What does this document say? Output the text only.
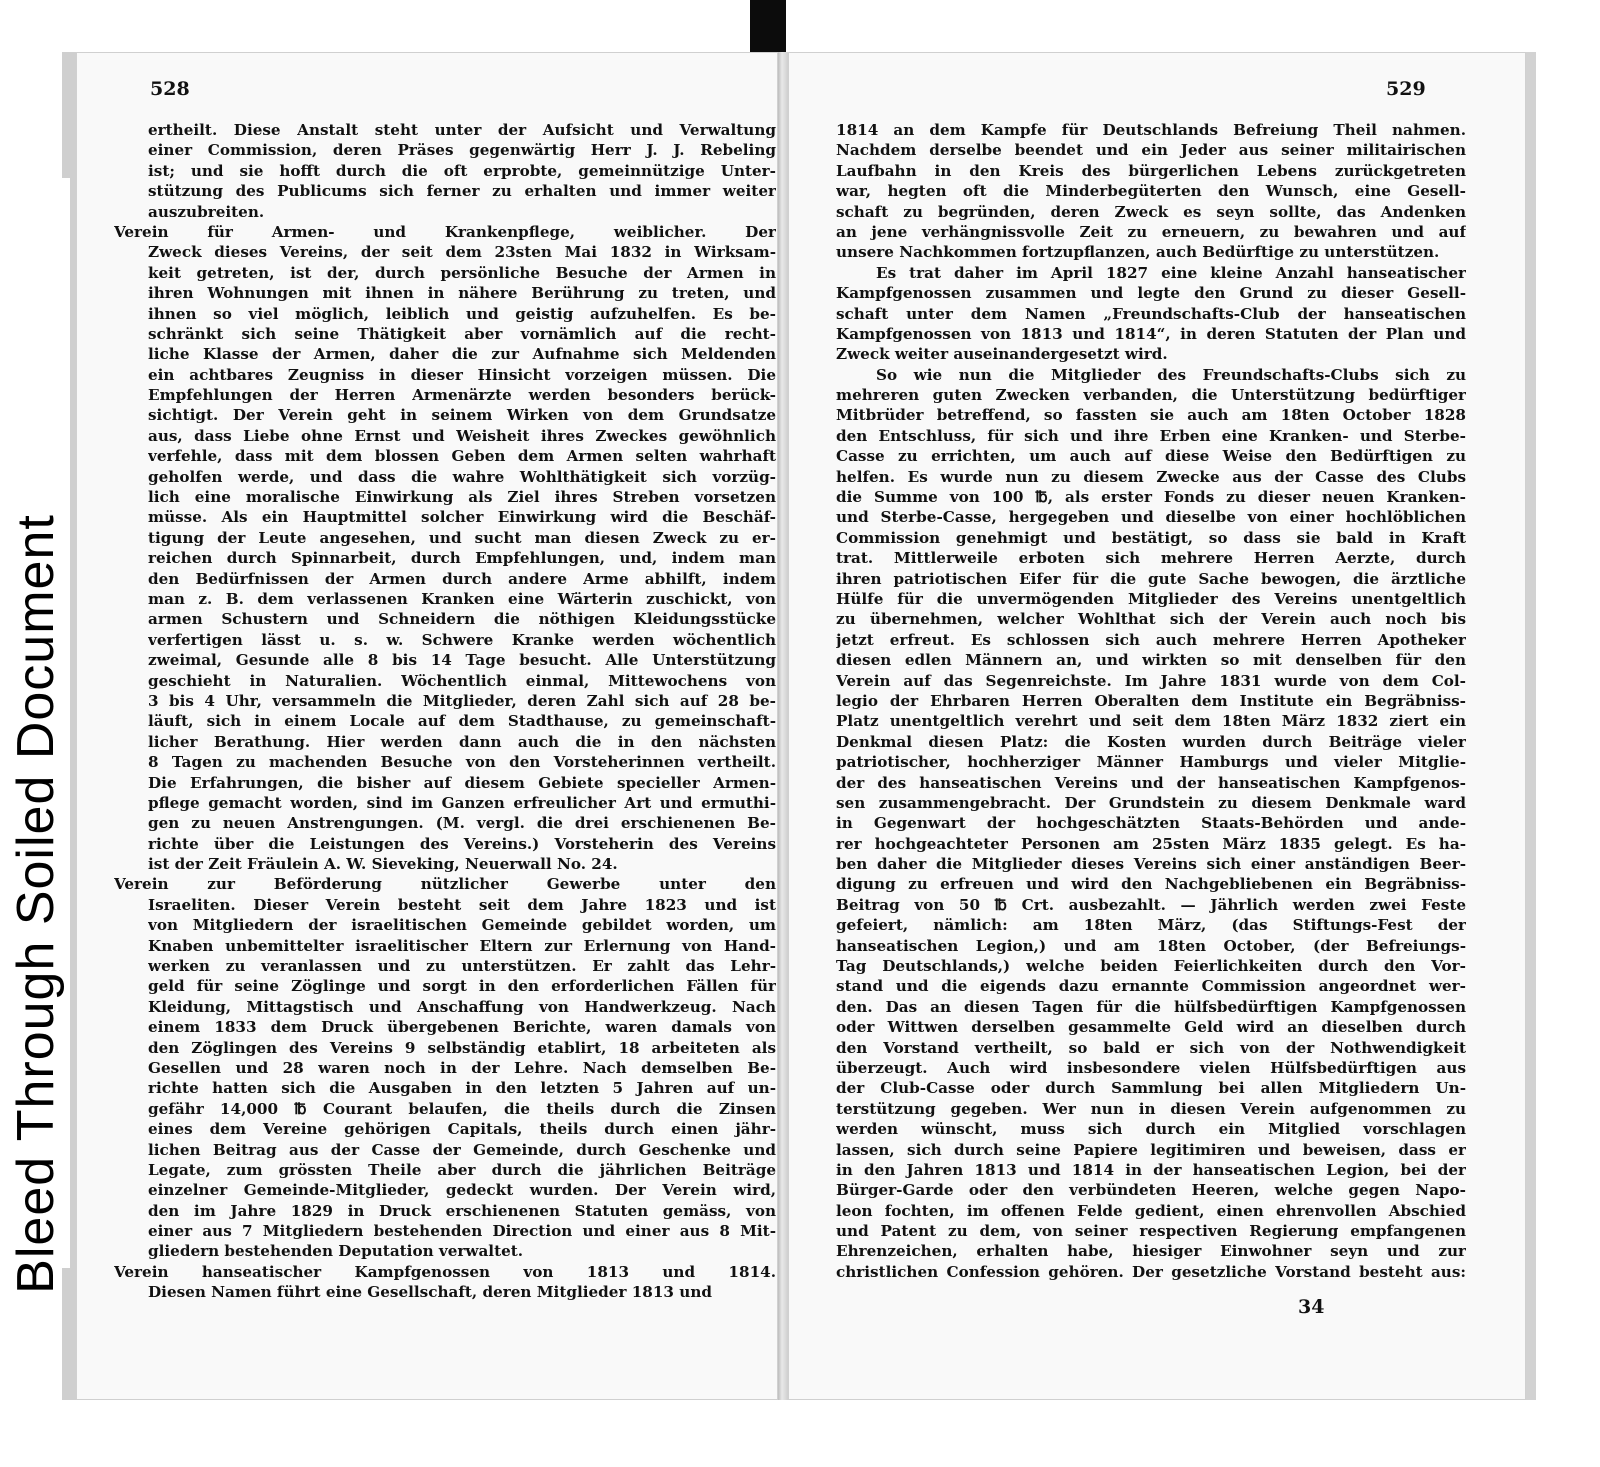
528
ertheilt. Diese Anstalt steht unter der Aufsicht und Verwaltung
einer Commission, deren Präses gegenwärtig Herr J. J. Rebeling
ist; und sie hofft durch die oft erprobte, gemeinnützige Unter-
stützung des Publicums sich ferner zu erhalten und immer weiter
auszubreiten.
Verein für Armen- und Krankenpflege, weiblicher. Der
Zweck dieses Vereins, der seit dem 23sten Mai 1832 in Wirksam-
keit getreten, ist der, durch persönliche Besuche der Armen in
ihren Wohnungen mit ihnen in nähere Berührung zu treten, und
ihnen so viel möglich, leiblich und geistig aufzuhelfen. Es be-
schränkt sich seine Thätigkeit aber vornämlich auf die recht-
liche Klasse der Armen, daher die zur Aufnahme sich Meldenden
ein achtbares Zeugniss in dieser Hinsicht vorzeigen müssen. Die
Empfehlungen der Herren Armenärzte werden besonders berück-
sichtigt. Der Verein geht in seinem Wirken von dem Grundsatze
aus, dass Liebe ohne Ernst und Weisheit ihres Zweckes gewöhnlich
verfehle, dass mit dem blossen Geben dem Armen selten wahrhaft
geholfen werde, und dass die wahre Wohlthätigkeit sich vorzüg-
lich eine moralische Einwirkung als Ziel ihres Streben vorsetzen
müsse. Als ein Hauptmittel solcher Einwirkung wird die Beschäf-
tigung der Leute angesehen, und sucht man diesen Zweck zu er-
reichen durch Spinnarbeit, durch Empfehlungen, und, indem man
den Bedürfnissen der Armen durch andere Arme abhilft, indem
man z. B. dem verlassenen Kranken eine Wärterin zuschickt, von
armen Schustern und Schneidern die nöthigen Kleidungsstücke
verfertigen lässt u. s. w. Schwere Kranke werden wöchentlich
zweimal, Gesunde alle 8 bis 14 Tage besucht. Alle Unterstützung
geschieht in Naturalien. Wöchentlich einmal, Mittewochens von
3 bis 4 Uhr, versammeln die Mitglieder, deren Zahl sich auf 28 be-
läuft, sich in einem Locale auf dem Stadthause, zu gemeinschaft-
licher Berathung. Hier werden dann auch die in den nächsten
8 Tagen zu machenden Besuche von den Vorsteherinnen vertheilt.
Die Erfahrungen, die bisher auf diesem Gebiete specieller Armen-
pflege gemacht worden, sind im Ganzen erfreulicher Art und ermuthi-
gen zu neuen Anstrengungen. (M. vergl. die drei erschienenen Be-
richte über die Leistungen des Vereins.) Vorsteherin des Vereins
ist der Zeit Fräulein A. W. Sieveking, Neuerwall No. 24.
Verein zur Beförderung nützlicher Gewerbe unter den
Israeliten. Dieser Verein besteht seit dem Jahre 1823 und ist
von Mitgliedern der israelitischen Gemeinde gebildet worden, um
Knaben unbemittelter israelitischer Eltern zur Erlernung von Hand-
werken zu veranlassen und zu unterstützen. Er zahlt das Lehr-
geld für seine Zöglinge und sorgt in den erforderlichen Fällen für
Kleidung, Mittagstisch und Anschaffung von Handwerkzeug. Nach
einem 1833 dem Druck übergebenen Berichte, waren damals von
den Zöglingen des Vereins 9 selbständig etablirt, 18 arbeiteten als
Gesellen und 28 waren noch in der Lehre. Nach demselben Be-
richte hatten sich die Ausgaben in den letzten 5 Jahren auf un-
gefähr 14,000 ℔ Courant belaufen, die theils durch die Zinsen
eines dem Vereine gehörigen Capitals, theils durch einen jähr-
lichen Beitrag aus der Casse der Gemeinde, durch Geschenke und
Legate, zum grössten Theile aber durch die jährlichen Beiträge
einzelner Gemeinde-Mitglieder, gedeckt wurden. Der Verein wird,
den im Jahre 1829 in Druck erschienenen Statuten gemäss, von
einer aus 7 Mitgliedern bestehenden Direction und einer aus 8 Mit-
gliedern bestehenden Deputation verwaltet.
Verein hanseatischer Kampfgenossen von 1813 und 1814.
Diesen Namen führt eine Gesellschaft, deren Mitglieder 1813 und
529
1814 an dem Kampfe für Deutschlands Befreiung Theil nahmen.
Nachdem derselbe beendet und ein Jeder aus seiner militairischen
Laufbahn in den Kreis des bürgerlichen Lebens zurückgetreten
war, hegten oft die Minderbegüterten den Wunsch, eine Gesell-
schaft zu begründen, deren Zweck es seyn sollte, das Andenken
an jene verhängnissvolle Zeit zu erneuern, zu bewahren und auf
unsere Nachkommen fortzupflanzen, auch Bedürftige zu unterstützen.
Es trat daher im April 1827 eine kleine Anzahl hanseatischer
Kampfgenossen zusammen und legte den Grund zu dieser Gesell-
schaft unter dem Namen „Freundschafts-Club der hanseatischen
Kampfgenossen von 1813 und 1814“, in deren Statuten der Plan und
Zweck weiter auseinandergesetzt wird.
So wie nun die Mitglieder des Freundschafts-Clubs sich zu
mehreren guten Zwecken verbanden, die Unterstützung bedürftiger
Mitbrüder betreffend, so fassten sie auch am 18ten October 1828
den Entschluss, für sich und ihre Erben eine Kranken- und Sterbe-
Casse zu errichten, um auch auf diese Weise den Bedürftigen zu
helfen. Es wurde nun zu diesem Zwecke aus der Casse des Clubs
die Summe von 100 ℔, als erster Fonds zu dieser neuen Kranken-
und Sterbe-Casse, hergegeben und dieselbe von einer hochlöblichen
Commission genehmigt und bestätigt, so dass sie bald in Kraft
trat. Mittlerweile erboten sich mehrere Herren Aerzte, durch
ihren patriotischen Eifer für die gute Sache bewogen, die ärztliche
Hülfe für die unvermögenden Mitglieder des Vereins unentgeltlich
zu übernehmen, welcher Wohlthat sich der Verein auch noch bis
jetzt erfreut. Es schlossen sich auch mehrere Herren Apotheker
diesen edlen Männern an, und wirkten so mit denselben für den
Verein auf das Segenreichste. Im Jahre 1831 wurde von dem Col-
legio der Ehrbaren Herren Oberalten dem Institute ein Begräbniss-
Platz unentgeltlich verehrt und seit dem 18ten März 1832 ziert ein
Denkmal diesen Platz: die Kosten wurden durch Beiträge vieler
patriotischer, hochherziger Männer Hamburgs und vieler Mitglie-
der des hanseatischen Vereins und der hanseatischen Kampfgenos-
sen zusammengebracht. Der Grundstein zu diesem Denkmale ward
in Gegenwart der hochgeschätzten Staats-Behörden und ande-
rer hochgeachteter Personen am 25sten März 1835 gelegt. Es ha-
ben daher die Mitglieder dieses Vereins sich einer anständigen Beer-
digung zu erfreuen und wird den Nachgebliebenen ein Begräbniss-
Beitrag von 50 ℔ Crt. ausbezahlt. — Jährlich werden zwei Feste
gefeiert, nämlich: am 18ten März, (das Stiftungs-Fest der
hanseatischen Legion,) und am 18ten October, (der Befreiungs-
Tag Deutschlands,) welche beiden Feierlichkeiten durch den Vor-
stand und die eigends dazu ernannte Commission angeordnet wer-
den. Das an diesen Tagen für die hülfsbedürftigen Kampfgenossen
oder Wittwen derselben gesammelte Geld wird an dieselben durch
den Vorstand vertheilt, so bald er sich von der Nothwendigkeit
überzeugt. Auch wird insbesondere vielen Hülfsbedürftigen aus
der Club-Casse oder durch Sammlung bei allen Mitgliedern Un-
terstützung gegeben. Wer nun in diesen Verein aufgenommen zu
werden wünscht, muss sich durch ein Mitglied vorschlagen
lassen, sich durch seine Papiere legitimiren und beweisen, dass er
in den Jahren 1813 und 1814 in der hanseatischen Legion, bei der
Bürger-Garde oder den verbündeten Heeren, welche gegen Napo-
leon fochten, im offenen Felde gedient, einen ehrenvollen Abschied
und Patent zu dem, von seiner respectiven Regierung empfangenen
Ehrenzeichen, erhalten habe, hiesiger Einwohner seyn und zur
christlichen Confession gehören. Der gesetzliche Vorstand besteht aus:
34
Bleed Through Soiled Document
